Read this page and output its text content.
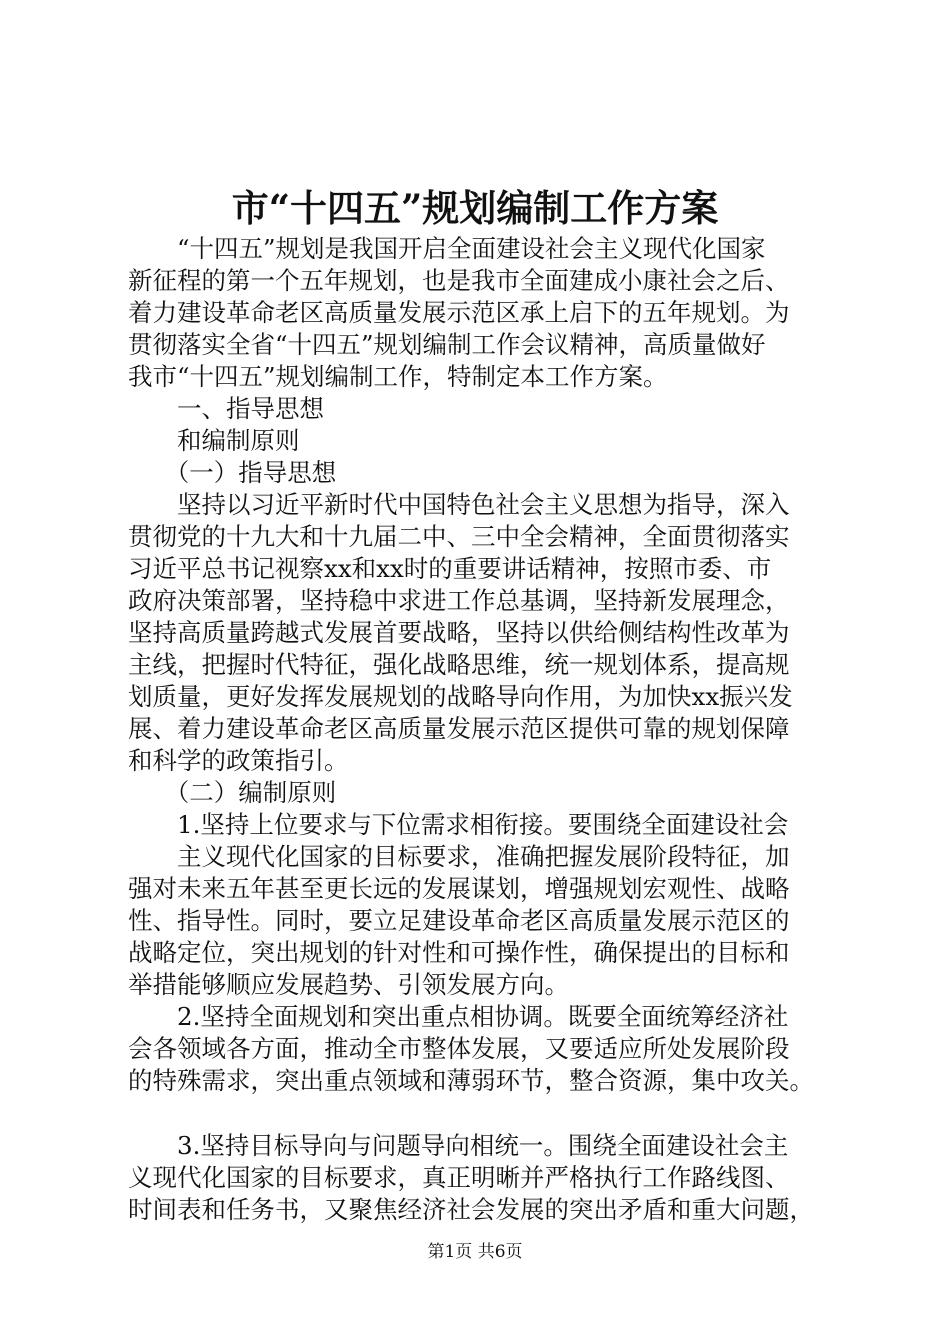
市“十四五”规划编制工作方案
　　“十四五”规划是我国开启全面建设社会主义现代化国家
新征程的第一个五年规划，也是我市全面建成小康社会之后、
着力建设革命老区高质量发展示范区承上启下的五年规划。为
贯彻落实全省“十四五”规划编制工作会议精神，高质量做好
我市“十四五”规划编制工作，特制定本工作方案。
　　一、指导思想
　　和编制原则
　　（一）指导思想
　　坚持以习近平新时代中国特色社会主义思想为指导，深入
贯彻党的十九大和十九届二中、三中全会精神，全面贯彻落实
习近平总书记视察xx和xx时的重要讲话精神，按照市委、市
政府决策部署，坚持稳中求进工作总基调，坚持新发展理念，
坚持高质量跨越式发展首要战略，坚持以供给侧结构性改革为
主线，把握时代特征，强化战略思维，统一规划体系，提高规
划质量，更好发挥发展规划的战略导向作用，为加快xx振兴发
展、着力建设革命老区高质量发展示范区提供可靠的规划保障
和科学的政策指引。
　　（二）编制原则
　　1.坚持上位要求与下位需求相衔接。要围绕全面建设社会
　　主义现代化国家的目标要求，准确把握发展阶段特征，加
强对未来五年甚至更长远的发展谋划，增强规划宏观性、战略
性、指导性。同时，要立足建设革命老区高质量发展示范区的
战略定位，突出规划的针对性和可操作性，确保提出的目标和
举措能够顺应发展趋势、引领发展方向。
　　2.坚持全面规划和突出重点相协调。既要全面统筹经济社
会各领域各方面，推动全市整体发展，又要适应所处发展阶段
的特殊需求，突出重点领域和薄弱环节，整合资源，集中攻关。
　　3.坚持目标导向与问题导向相统一。围绕全面建设社会主
义现代化国家的目标要求，真正明晰并严格执行工作路线图、
时间表和任务书，又聚焦经济社会发展的突出矛盾和重大问题，
第1页 共6页
